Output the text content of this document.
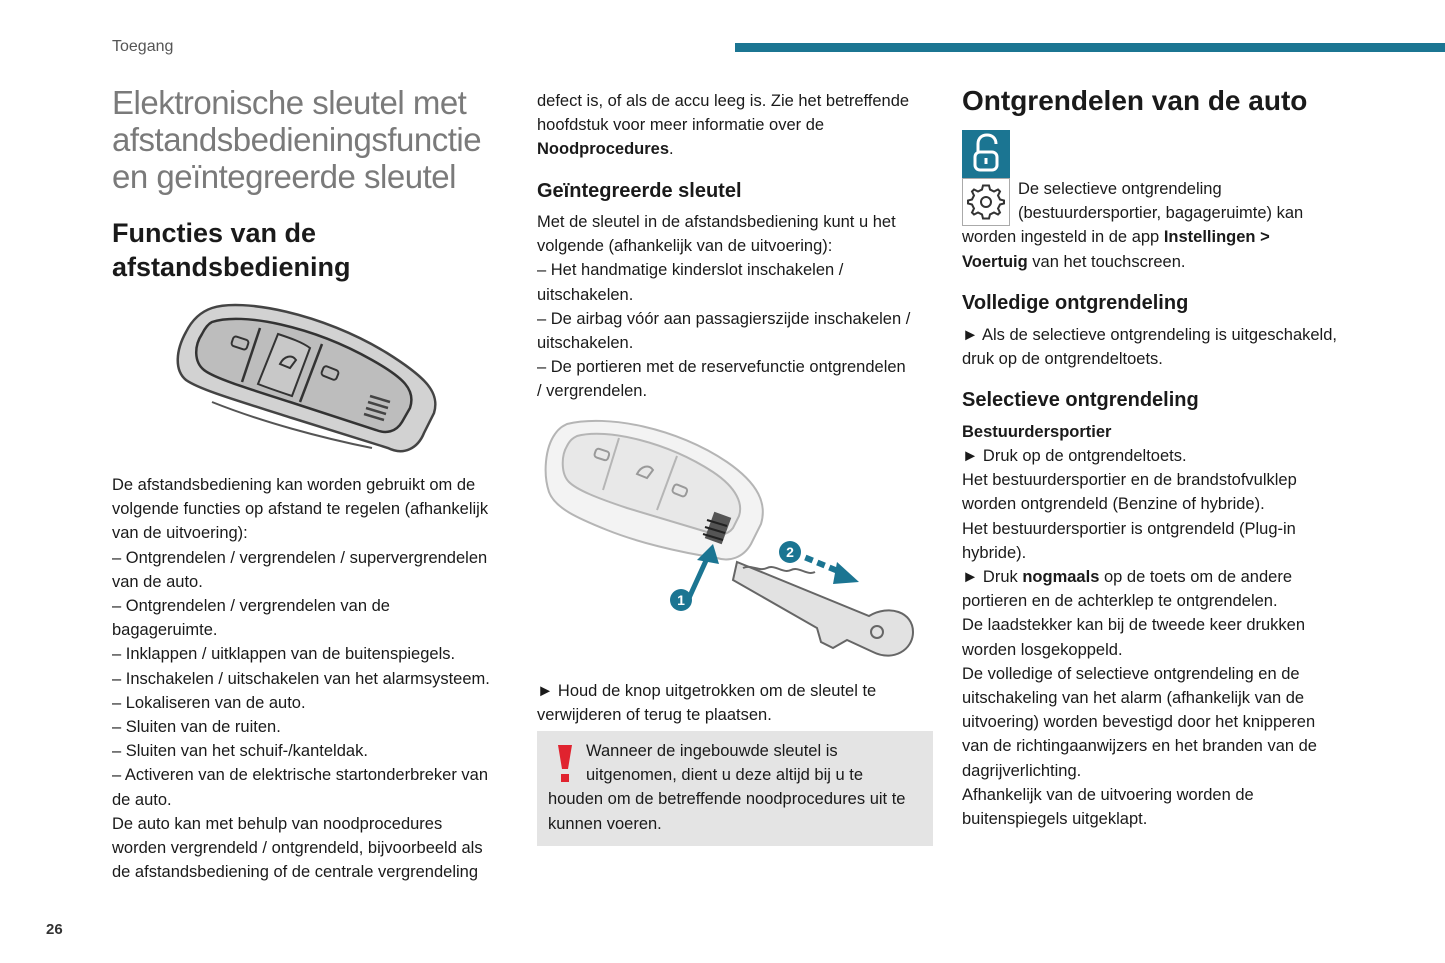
Toegang
26
Elektronische sleutel met
afstandsbedieningsfunctie
en geïntegreerde sleutel
Functies van de
afstandsbediening
De afstandsbediening kan worden gebruikt om de
volgende functies op afstand te regelen (afhankelijk
van de uitvoering):
– Ontgrendelen / vergrendelen / supervergrendelen
van de auto.
– Ontgrendelen / vergrendelen van de
bagageruimte.
– Inklappen / uitklappen van de buitenspiegels.
– Inschakelen / uitschakelen van het alarmsysteem.
– Lokaliseren van de auto.
– Sluiten van de ruiten.
– Sluiten van het schuif-/kanteldak.
– Activeren van de elektrische startonderbreker van
de auto.
De auto kan met behulp van noodprocedures
worden vergrendeld / ontgrendeld, bijvoorbeeld als
de afstandsbediening of de centrale vergrendeling
defect is, of als de accu leeg is. Zie het betreffende
hoofdstuk voor meer informatie over de
Noodprocedures.
Geïntegreerde sleutel
Met de sleutel in de afstandsbediening kunt u het
volgende (afhankelijk van de uitvoering):
– Het handmatige kinderslot inschakelen /
uitschakelen.
– De airbag vóór aan passagierszijde inschakelen /
uitschakelen.
– De portieren met de reservefunctie ontgrendelen
/ vergrendelen.
► Houd de knop uitgetrokken om de sleutel te
verwijderen of terug te plaatsen.
1
2
Wanneer de ingebouwde sleutel is
uitgenomen, dient u deze altijd bij u te
houden om de betreffende noodprocedures uit te
kunnen voeren.
Ontgrendelen van de auto
De selectieve ontgrendeling
(bestuurdersportier, bagageruimte) kan
worden ingesteld in de app Instellingen >
Voertuig van het touchscreen.
Volledige ontgrendeling
► Als de selectieve ontgrendeling is uitgeschakeld,
druk op de ontgrendeltoets.
Selectieve ontgrendeling
Bestuurdersportier
► Druk op de ontgrendeltoets.
Het bestuurdersportier en de brandstofvulklep
worden ontgrendeld (Benzine of hybride).
Het bestuurdersportier is ontgrendeld (Plug-in
hybride).
► Druk nogmaals op de toets om de andere
portieren en de achterklep te ontgrendelen.
De laadstekker kan bij de tweede keer drukken
worden losgekoppeld.
De volledige of selectieve ontgrendeling en de
uitschakeling van het alarm (afhankelijk van de
uitvoering) worden bevestigd door het knipperen
van de richtingaanwijzers en het branden van de
dagrijverlichting.
Afhankelijk van de uitvoering worden de
buitenspiegels uitgeklapt.
